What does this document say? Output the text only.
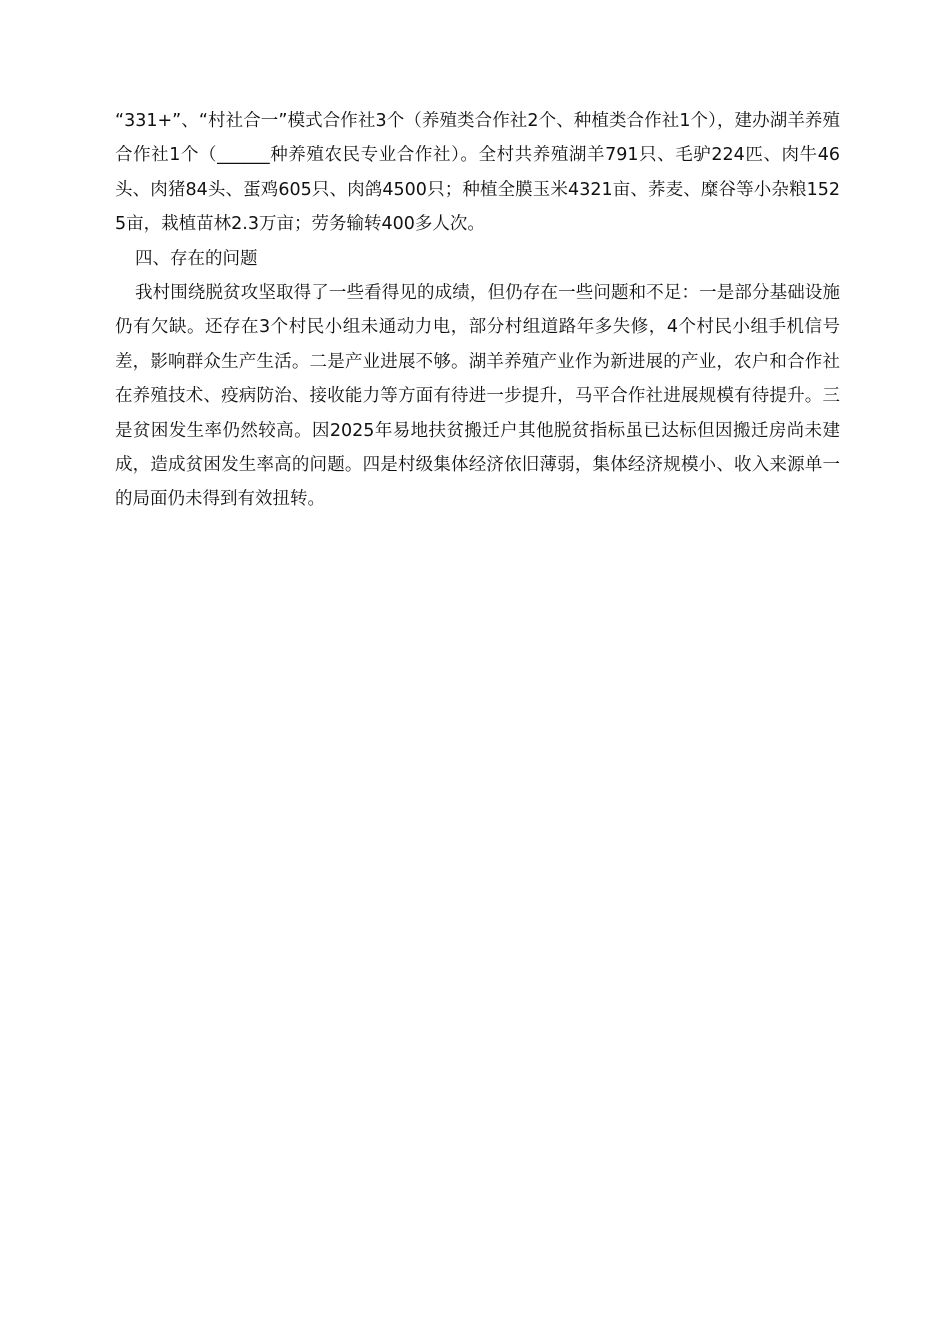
“331+”、“村社合一”模式合作社3个（养殖类合作社2个、种植类合作社1个），建办湖羊养殖合作社1个（______种养殖农民专业合作社）。全村共养殖湖羊791只、毛驴224匹、肉牛46头、肉猪84头、蛋鸡605只、肉鸽4500只；种植全膜玉米4321亩、荞麦、糜谷等小杂粮1525亩，栽植苗林2.3万亩；劳务输转400多人次。

四、存在的问题

我村围绕脱贫攻坚取得了一些看得见的成绩，但仍存在一些问题和不足：一是部分基础设施仍有欠缺。还存在3个村民小组未通动力电，部分村组道路年多失修，4个村民小组手机信号差，影响群众生产生活。二是产业进展不够。湖羊养殖产业作为新进展的产业，农户和合作社在养殖技术、疫病防治、接收能力等方面有待进一步提升，马平合作社进展规模有待提升。三是贫困发生率仍然较高。因2025年易地扶贫搬迁户其他脱贫指标虽已达标但因搬迁房尚未建成，造成贫困发生率高的问题。四是村级集体经济依旧薄弱，集体经济规模小、收入来源单一的局面仍未得到有效扭转。
